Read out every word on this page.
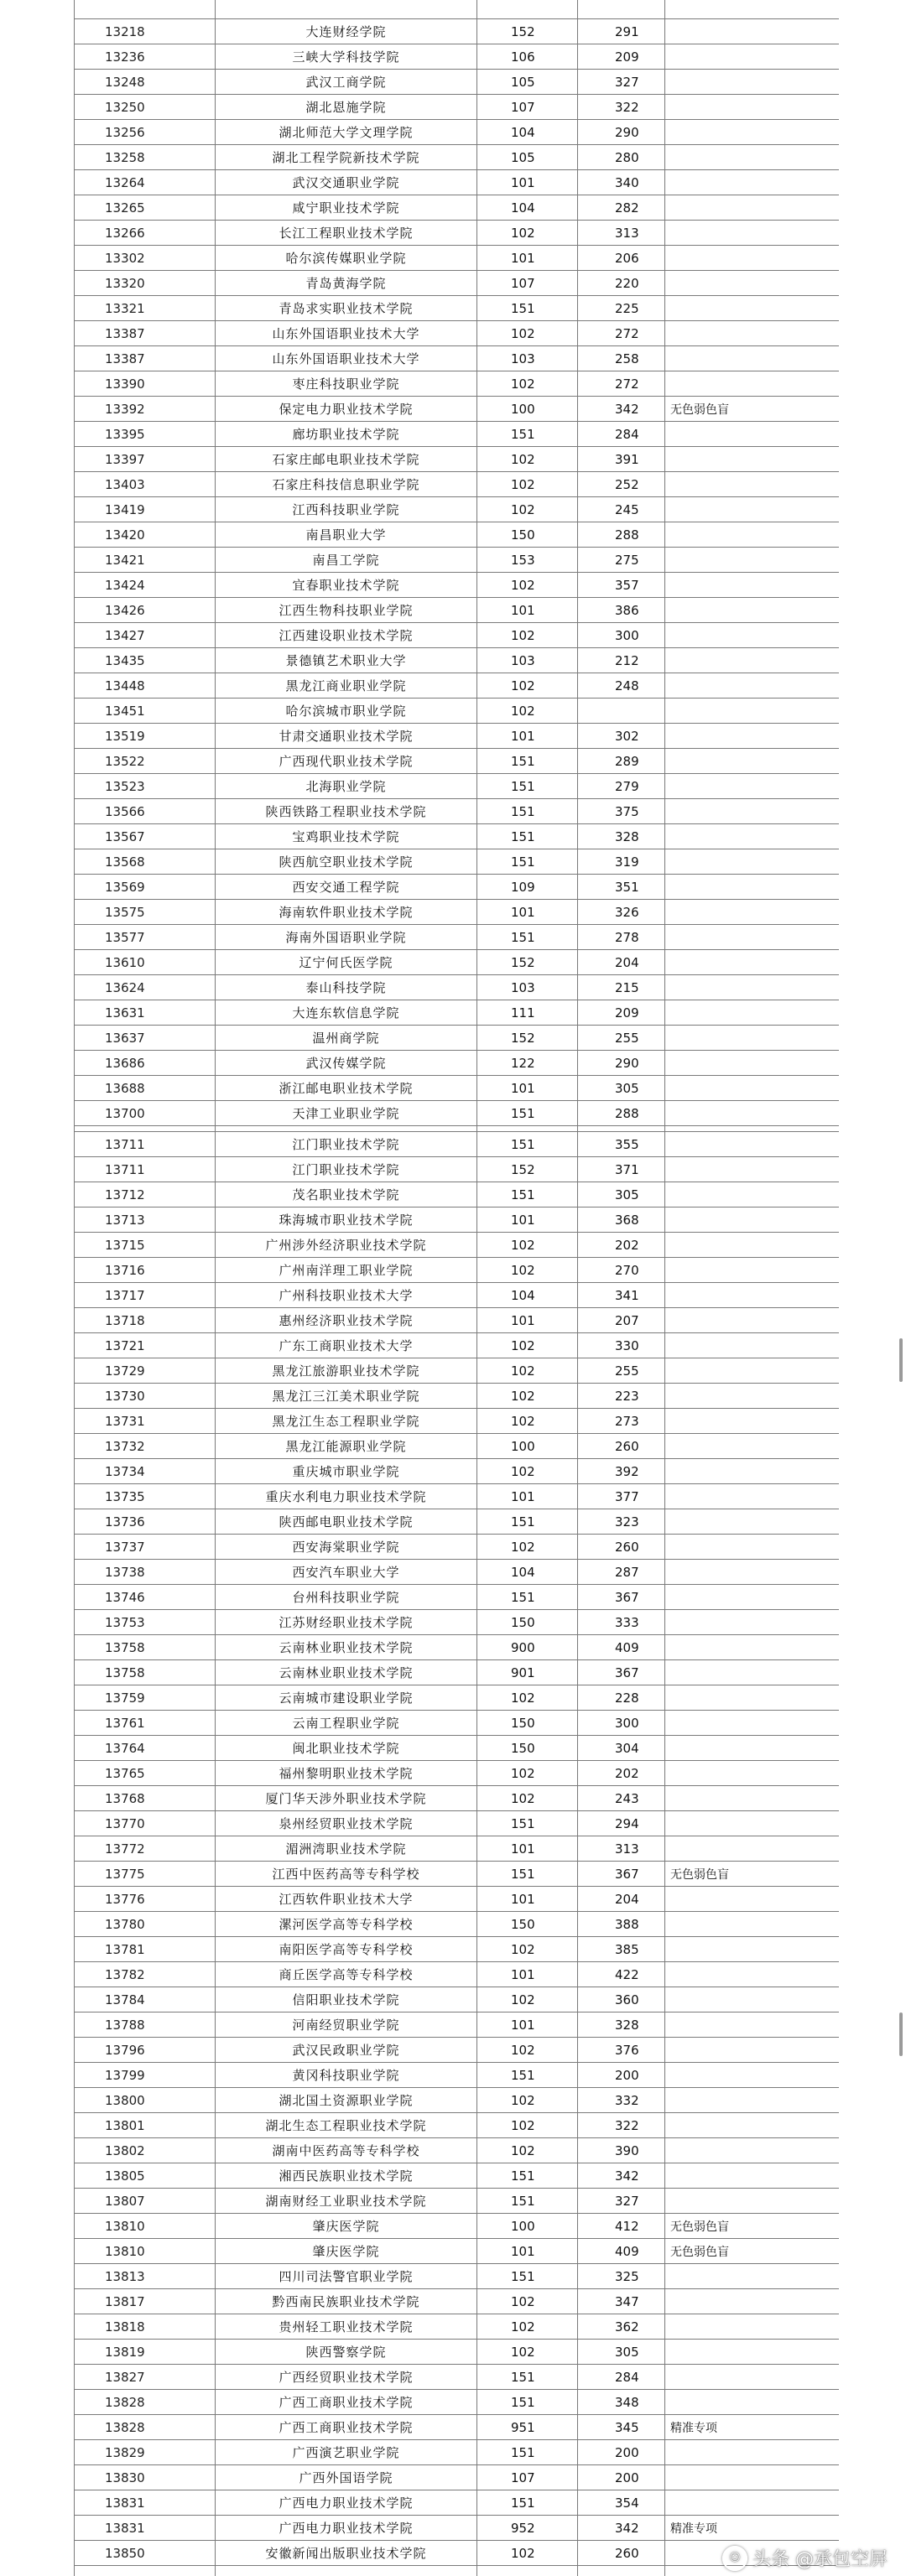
13218	大连财经学院	152	291	
13236	三峡大学科技学院	106	209	
13248	武汉工商学院	105	327	
13250	湖北恩施学院	107	322	
13256	湖北师范大学文理学院	104	290	
13258	湖北工程学院新技术学院	105	280	
13264	武汉交通职业学院	101	340	
13265	咸宁职业技术学院	104	282	
13266	长江工程职业技术学院	102	313	
13302	哈尔滨传媒职业学院	101	206	
13320	青岛黄海学院	107	220	
13321	青岛求实职业技术学院	151	225	
13387	山东外国语职业技术大学	102	272	
13387	山东外国语职业技术大学	103	258	
13390	枣庄科技职业学院	102	272	
13392	保定电力职业技术学院	100	342	无色弱色盲
13395	廊坊职业技术学院	151	284	
13397	石家庄邮电职业技术学院	102	391	
13403	石家庄科技信息职业学院	102	252	
13419	江西科技职业学院	102	245	
13420	南昌职业大学	150	288	
13421	南昌工学院	153	275	
13424	宜春职业技术学院	102	357	
13426	江西生物科技职业学院	101	386	
13427	江西建设职业技术学院	102	300	
13435	景德镇艺术职业大学	103	212	
13448	黑龙江商业职业学院	102	248	
13451	哈尔滨城市职业学院	102		
13519	甘肃交通职业技术学院	101	302	
13522	广西现代职业技术学院	151	289	
13523	北海职业学院	151	279	
13566	陕西铁路工程职业技术学院	151	375	
13567	宝鸡职业技术学院	151	328	
13568	陕西航空职业技术学院	151	319	
13569	西安交通工程学院	109	351	
13575	海南软件职业技术学院	101	326	
13577	海南外国语职业学院	151	278	
13610	辽宁何氏医学院	152	204	
13624	泰山科技学院	103	215	
13631	大连东软信息学院	111	209	
13637	温州商学院	152	255	
13686	武汉传媒学院	122	290	
13688	浙江邮电职业技术学院	101	305	
13700	天津工业职业学院	151	288	

13711	江门职业技术学院	151	355	
13711	江门职业技术学院	152	371	
13712	茂名职业技术学院	151	305	
13713	珠海城市职业技术学院	101	368	
13715	广州涉外经济职业技术学院	102	202	
13716	广州南洋理工职业学院	102	270	
13717	广州科技职业技术大学	104	341	
13718	惠州经济职业技术学院	101	207	
13721	广东工商职业技术大学	102	330	
13729	黑龙江旅游职业技术学院	102	255	
13730	黑龙江三江美术职业学院	102	223	
13731	黑龙江生态工程职业学院	102	273	
13732	黑龙江能源职业学院	100	260	
13734	重庆城市职业学院	102	392	
13735	重庆水利电力职业技术学院	101	377	
13736	陕西邮电职业技术学院	151	323	
13737	西安海棠职业学院	102	260	
13738	西安汽车职业大学	104	287	
13746	台州科技职业学院	151	367	
13753	江苏财经职业技术学院	150	333	
13758	云南林业职业技术学院	900	409	
13758	云南林业职业技术学院	901	367	
13759	云南城市建设职业学院	102	228	
13761	云南工程职业学院	150	300	
13764	闽北职业技术学院	150	304	
13765	福州黎明职业技术学院	102	202	
13768	厦门华天涉外职业技术学院	102	243	
13770	泉州经贸职业技术学院	151	294	
13772	湄洲湾职业技术学院	101	313	
13775	江西中医药高等专科学校	151	367	无色弱色盲
13776	江西软件职业技术大学	101	204	
13780	漯河医学高等专科学校	150	388	
13781	南阳医学高等专科学校	102	385	
13782	商丘医学高等专科学校	101	422	
13784	信阳职业技术学院	102	360	
13788	河南经贸职业学院	101	328	
13796	武汉民政职业学院	102	376	
13799	黄冈科技职业学院	151	200	
13800	湖北国土资源职业学院	102	332	
13801	湖北生态工程职业技术学院	102	322	
13802	湖南中医药高等专科学校	102	390	
13805	湘西民族职业技术学院	151	342	
13807	湖南财经工业职业技术学院	151	327	
13810	肇庆医学院	100	412	无色弱色盲
13810	肇庆医学院	101	409	无色弱色盲
13813	四川司法警官职业学院	151	325	
13817	黔西南民族职业技术学院	102	347	
13818	贵州轻工职业技术学院	102	362	
13819	陕西警察学院	102	305	
13827	广西经贸职业技术学院	151	284	
13828	广西工商职业技术学院	151	348	
13828	广西工商职业技术学院	951	345	精准专项
13829	广西演艺职业学院	151	200	
13830	广西外国语学院	107	200	
13831	广西电力职业技术学院	151	354	
13831	广西电力职业技术学院	952	342	精准专项
13850	安徽新闻出版职业技术学院	102	260	
					☺ 头条 @承包空屏
